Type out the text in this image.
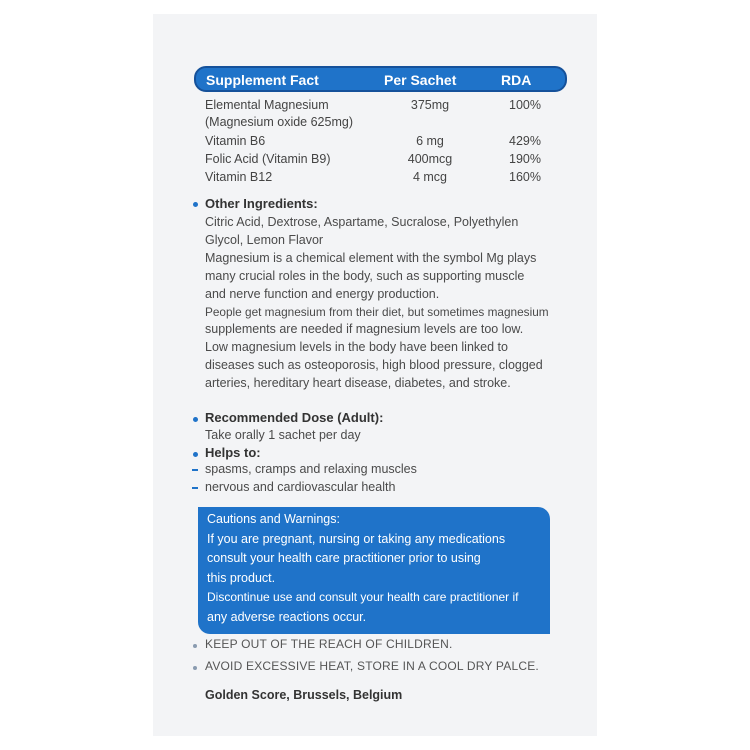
Supplement Fact	Per Sachet	RDA
Elemental Magnesium	375mg	100%
(Magnesium oxide 625mg)
Vitamin B6	6 mg	429%
Folic Acid (Vitamin B9)	400mcg	190%
Vitamin B12	4 mcg	160%
Other Ingredients:
Citric Acid, Dextrose, Aspartame, Sucralose, Polyethylen
Glycol, Lemon Flavor
Magnesium is a chemical element with the symbol Mg plays
many crucial roles in the body, such as supporting muscle
and nerve function and energy production.
People get magnesium from their diet, but sometimes magnesium
supplements are needed if magnesium levels are too low.
Low magnesium levels in the body have been linked to
diseases such as osteoporosis, high blood pressure, clogged
arteries, hereditary heart disease, diabetes, and stroke.
Recommended Dose (Adult):
Take orally 1 sachet per day
Helps to:
spasms, cramps and relaxing muscles
nervous and cardiovascular health
Cautions and Warnings:
If you are pregnant, nursing or taking any medications
consult your health care practitioner prior to using
this product.
Discontinue use and consult your health care practitioner if
any adverse reactions occur.
KEEP OUT OF THE REACH OF CHILDREN.
AVOID EXCESSIVE HEAT, STORE IN A COOL DRY PALCE.
Golden Score, Brussels, Belgium
